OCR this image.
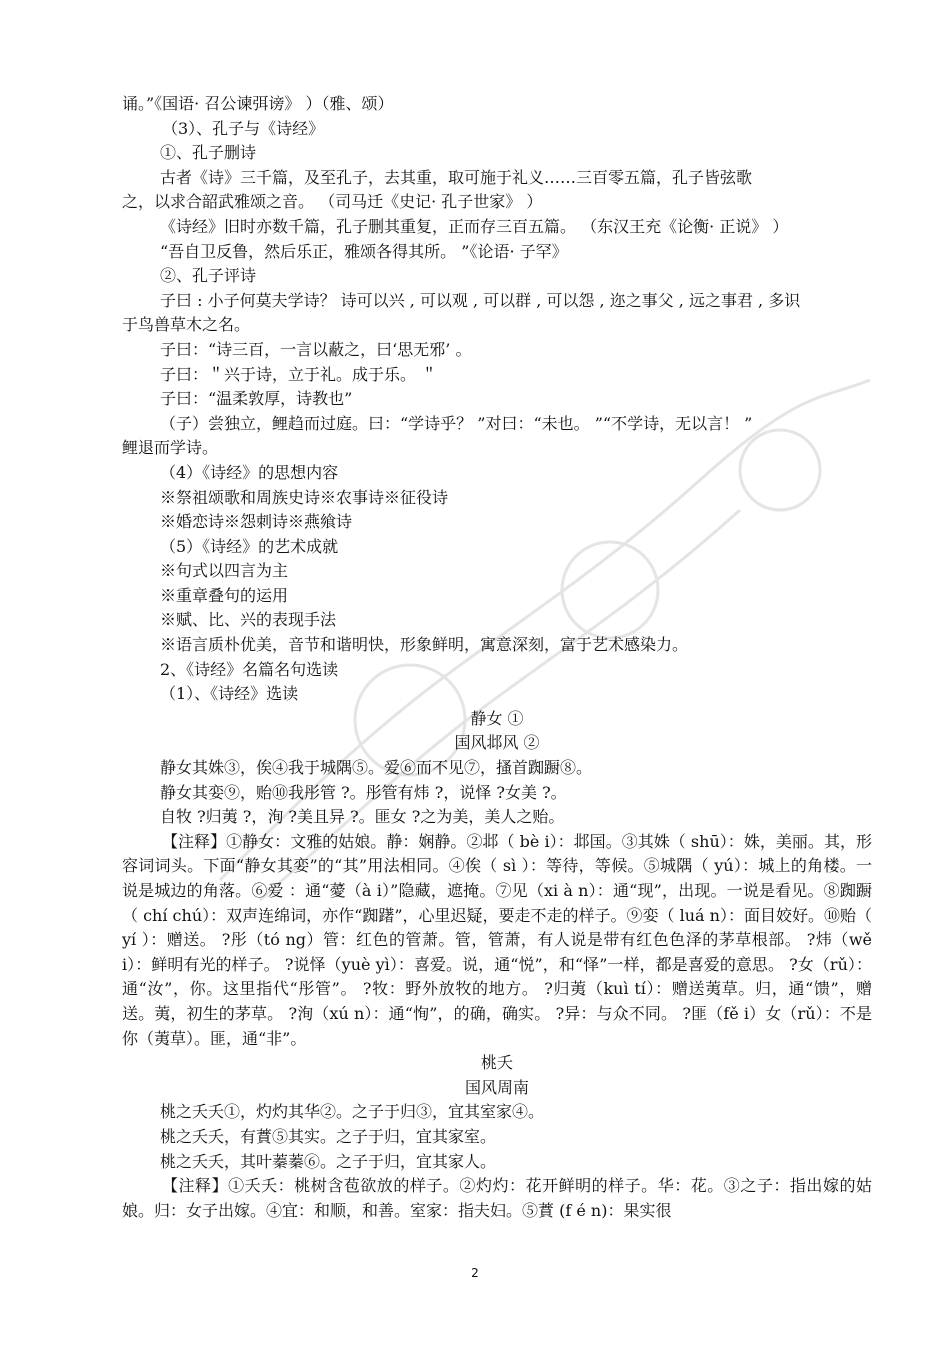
诵。”《国语· 召公谏弭谤》 ）（雅、颂）
（3）、孔子与《诗经》
①、孔子删诗
古者《诗》三千篇，及至孔子，去其重，取可施于礼义……三百零五篇，孔子皆弦歌
之，以求合韶武雅颂之音。 （司马迁《史记· 孔子世家》 ）
《诗经》旧时亦数千篇，孔子删其重复，正而存三百五篇。 （东汉王充《论衡· 正说》 ）
“吾自卫反鲁，然后乐正，雅颂各得其所。 ”《论语· 子罕》
②、孔子评诗
子曰 : 小子何莫夫学诗？ 诗可以兴 , 可以观 , 可以群 , 可以怨 , 迩之事父 , 远之事君 , 多识
于鸟兽草木之名。
子曰：“诗三百，一言以蔽之，曰‘思无邪’ 。
子曰：＂兴于诗，立于礼。成于乐。 ＂
子曰：“温柔敦厚，诗教也”
（子）尝独立，鲤趋而过庭。曰：“学诗乎？ ”对曰：“未也。 ”“不学诗，无以言！ ”
鲤退而学诗。
（4）《诗经》的思想内容
※祭祖颂歌和周族史诗※农事诗※征役诗
※婚恋诗※怨刺诗※燕飨诗
（5）《诗经》的艺术成就
※句式以四言为主
※重章叠句的运用
※赋、比、兴的表现手法
※语言质朴优美，音节和谐明快，形象鲜明，寓意深刻，富于艺术感染力。
2、《诗经》名篇名句选读
（1）、《诗经》选读
静女 ①
国风邶风 ②
静女其姝③，俟④我于城隅⑤。爱⑥而不见⑦，搔首踟蹰⑧。
静女其娈⑨，贻⑩我彤管 ?。彤管有炜 ?，说怿 ?女美 ?。
自牧 ?归荑 ?，洵 ?美且异 ?。匪女 ?之为美，美人之贻。
【注释】①静女：文雅的姑娘。静：娴静。②邶（ bè i）：邶国。③其姝（ shū）：姝，美丽。其，形容词词头。下面“静女其娈”的“其”用法相同。④俟（ sì ）：等待，等候。⑤城隅（ yú）：城上的角楼。一说是城边的角落。⑥爱 ：通“薆（à i）”隐藏，遮掩。⑦见（xi à n）：通“现”，出现。一说是看见。⑧踟蹰（ chí chú）：双声连绵词，亦作“踟躇”，心里迟疑，要走不走的样子。⑨娈（ luá n）：面目姣好。⑩贻（ yí ）：赠送。 ?彤（tó ng）管：红色的管萧。管，管萧，有人说是带有红色色泽的茅草根部。 ?炜（wě i）：鲜明有光的样子。 ?说怿（yuè yì）：喜爱。说，通“悦”，和“怿”一样，都是喜爱的意思。 ?女（rǔ）：通“汝”，你。这里指代“彤管”。 ?牧：野外放牧的地方。 ?归荑（kuì tí）：赠送荑草。归，通“馈”，赠送。荑，初生的茅草。 ?洵（xú n）：通“恂”，的确，确实。 ?异：与众不同。 ?匪（fě i）女（rǔ）：不是你（荑草）。匪，通“非”。
桃夭
国风周南
桃之夭夭①，灼灼其华②。之子于归③，宜其室家④。
桃之夭夭，有蕡⑤其实。之子于归，宜其家室。
桃之夭夭，其叶蓁蓁⑥。之子于归，宜其家人。
【注释】①夭夭：桃树含苞欲放的样子。②灼灼：花开鲜明的样子。华：花。③之子：指出嫁的姑娘。归：女子出嫁。④宜：和顺，和善。室家：指夫妇。⑤蕡 (f é n)：果实很
2
